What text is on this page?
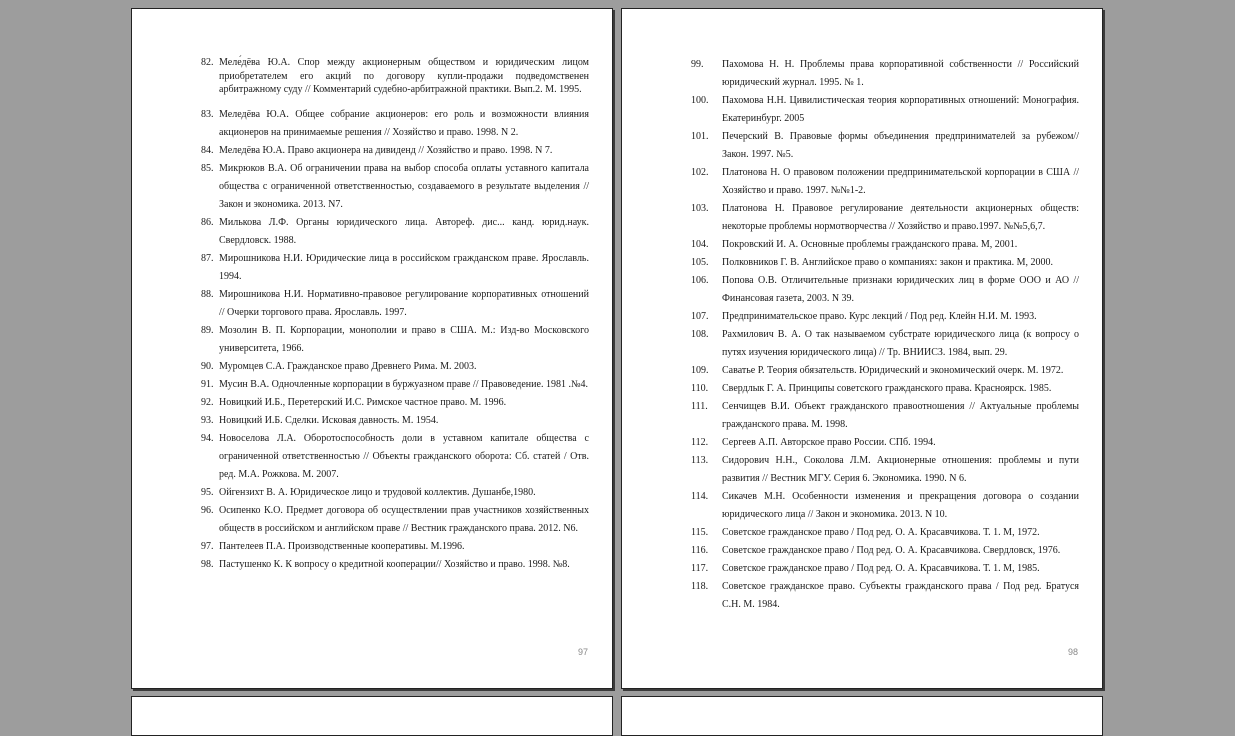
82. Меле́дёва Ю.А. Спор между акционерным обществом и юридическим лицом приобретателем его акций по договору купли-продажи подведомственен арбитражному суду // Комментарий судебно-арбитражной практики. Вып.2. М. 1995.
83. Меледёва Ю.А. Общее собрание акционеров: его роль и возможности влияния акционеров на принимаемые решения // Хозяйство и право. 1998. N 2.
84. Меледёва Ю.А. Право акционера на дивиденд // Хозяйство и право. 1998. N 7.
85. Микрюков В.А. Об ограничении права на выбор способа оплаты уставного капитала общества с ограниченной ответственностью, создаваемого в результате выделения // Закон и экономика. 2013. N7.
86. Милькова Л.Ф. Органы юридического лица. Автореф. дис... канд. юрид.наук. Свердловск. 1988.
87. Мирошникова Н.И. Юридические лица в российском гражданском праве. Ярославль. 1994.
88. Мирошникова Н.И. Нормативно-правовое регулирование корпоративных отношений // Очерки торгового права. Ярославль. 1997.
89. Мозолин В. П. Корпорации, монополии и право в США. М.: Изд-во Московского университета, 1966.
90. Муромцев С.А. Гражданское право Древнего Рима. М. 2003.
91. Мусин В.А. Одночленные корпорации в буржуазном праве // Правоведение. 1981 .№4.
92. Новицкий И.Б., Перетерский И.С. Римское частное право. М. 1996.
93. Новицкий И.Б. Сделки. Исковая давность. М. 1954.
94. Новоселова Л.А. Оборотоспособность доли в уставном капитале общества с ограниченной ответственностью // Объекты гражданского оборота: Сб. статей / Отв. ред. М.А. Рожкова. М. 2007.
95. Ойгензихт В. А. Юридическое лицо и трудовой коллектив. Душанбе,1980.
96. Осипенко К.О. Предмет договора об осуществлении прав участников хозяйственных обществ в российском и английском праве // Вестник гражданского права. 2012. N6.
97. Пантелеев П.А. Производственные кооперативы. М.1996.
98. Пастушенко К. К вопросу о кредитной кооперации// Хозяйство и право. 1998. №8.
97
99.	Пахомова Н. Н. Проблемы права корпоративной собственности // Российский юридический журнал. 1995. № 1.
100.	Пахомова Н.Н. Цивилистическая теория корпоративных отношений: Монография. Екатеринбург. 2005
101.	Печерский В. Правовые формы объединения предпринимателей за рубежом// Закон. 1997. №5.
102.	Платонова Н. О правовом положении предпринимательской корпорации в США // Хозяйство и право. 1997. №№1-2.
103.	Платонова Н. Правовое регулирование деятельности акционерных обществ: некоторые проблемы нормотворчества // Хозяйство и право.1997. №№5,6,7.
104.	Покровский И. А. Основные проблемы гражданского права. М, 2001.
105.	Полковников Г. В. Английское право о компаниях: закон и практика. М, 2000.
106.	Попова О.В. Отличительные признаки юридических лиц в форме ООО и АО // Финансовая газета, 2003. N 39.
107.	Предпринимательское право. Курс лекций / Под ред. Клейн Н.И. М. 1993.
108.	Рахмилович В. А. О так называемом субстрате юридического лица (к вопросу о путях изучения юридического лица) // Тр. ВНИИСЗ. 1984, вып. 29.
109.	Саватье Р. Теория обязательств. Юридический и экономический очерк. М. 1972.
110.	Свердлык Г. А. Принципы советского гражданского права. Красноярск. 1985.
111.	Сенчищев В.И. Объект гражданского правоотношения // Актуальные проблемы гражданского права. М. 1998.
112.	Сергеев А.П. Авторское право России. СПб. 1994.
113.	Сидорович Н.Н., Соколова Л.М. Акционерные отношения: проблемы и пути развития // Вестник МГУ. Серия 6. Экономика. 1990. N 6.
114.	Сикачев М.Н. Особенности изменения и прекращения договора о создании юридического лица // Закон и экономика. 2013. N 10.
115.	Советское гражданское право / Под ред. О. А. Красавчикова. Т. 1. М, 1972.
116.	Советское гражданское право / Под ред. О. А. Красавчикова. Свердловск, 1976.
117.	Советское гражданское право / Под ред. О. А. Красавчикова. Т. 1. М, 1985.
118.	Советское гражданское право. Субъекты гражданского права / Под ред. Братуся С.Н. М. 1984.
98
